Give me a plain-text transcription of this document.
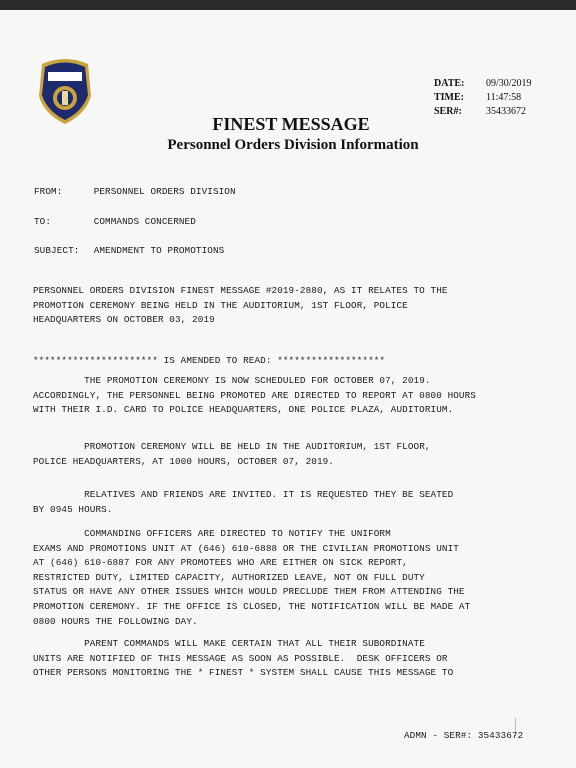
DATE:	09/30/2019
TIME:	11:47:58
SER#:	35433672
FINEST MESSAGE
Personnel Orders Division Information
FROM:	PERSONNEL ORDERS DIVISION
TO:	COMMANDS CONCERNED
SUBJECT: AMENDMENT TO PROMOTIONS
PERSONNEL ORDERS DIVISION FINEST MESSAGE #2019-2880, AS IT RELATES TO THE
PROMOTION CEREMONY BEING HELD IN THE AUDITORIUM, 1ST FLOOR, POLICE
HEADQUARTERS ON OCTOBER 03, 2019
********************** IS AMENDED TO READ: *******************
THE PROMOTION CEREMONY IS NOW SCHEDULED FOR OCTOBER 07, 2019.
ACCORDINGLY, THE PERSONNEL BEING PROMOTED ARE DIRECTED TO REPORT AT 0800 HOURS
WITH THEIR I.D. CARD TO POLICE HEADQUARTERS, ONE POLICE PLAZA, AUDITORIUM.
PROMOTION CEREMONY WILL BE HELD IN THE AUDITORIUM, 1ST FLOOR,
POLICE HEADQUARTERS, AT 1000 HOURS, OCTOBER 07, 2019.
RELATIVES AND FRIENDS ARE INVITED. IT IS REQUESTED THEY BE SEATED
BY 0945 HOURS.
COMMANDING OFFICERS ARE DIRECTED TO NOTIFY THE UNIFORM
EXAMS AND PROMOTIONS UNIT AT (646) 610-6888 OR THE CIVILIAN PROMOTIONS UNIT
AT (646) 610-6887 FOR ANY PROMOTEES WHO ARE EITHER ON SICK REPORT,
RESTRICTED DUTY, LIMITED CAPACITY, AUTHORIZED LEAVE, NOT ON FULL DUTY
STATUS OR HAVE ANY OTHER ISSUES WHICH WOULD PRECLUDE THEM FROM ATTENDING THE
PROMOTION CEREMONY. IF THE OFFICE IS CLOSED, THE NOTIFICATION WILL BE MADE AT
0800 HOURS THE FOLLOWING DAY.
PARENT COMMANDS WILL MAKE CERTAIN THAT ALL THEIR SUBORDINATE
UNITS ARE NOTIFIED OF THIS MESSAGE AS SOON AS POSSIBLE.  DESK OFFICERS OR
OTHER PERSONS MONITORING THE * FINEST * SYSTEM SHALL CAUSE THIS MESSAGE TO
ADMN - SER#: 35433672
